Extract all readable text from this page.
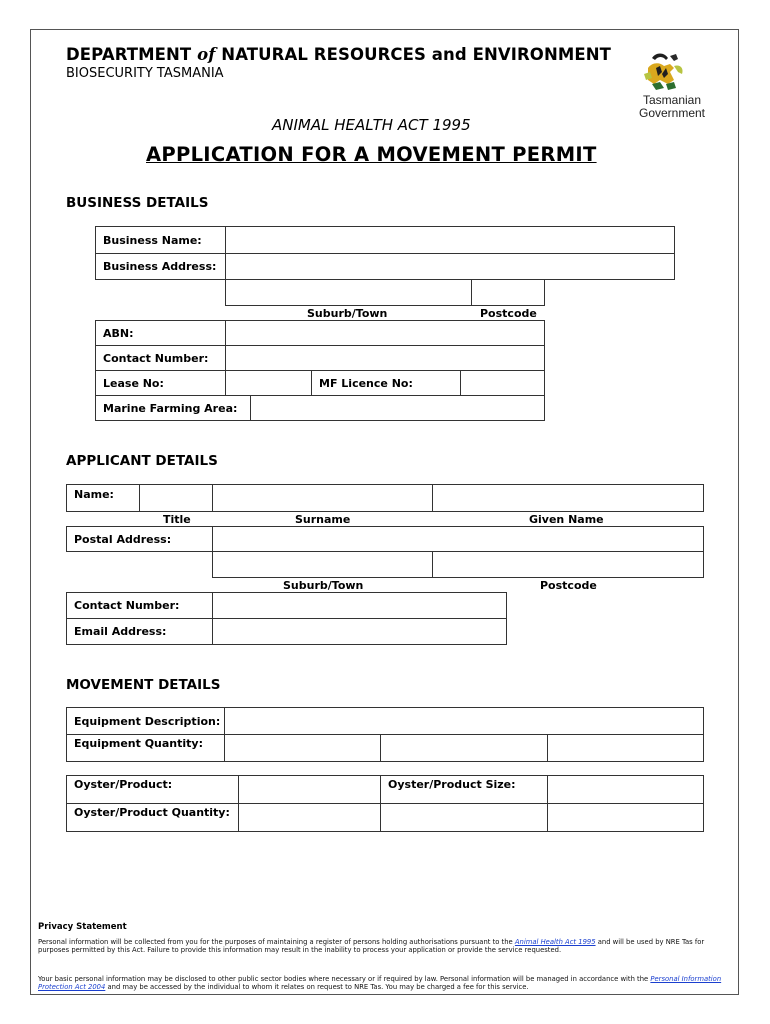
DEPARTMENT of NATURAL RESOURCES and ENVIRONMENT
BIOSECURITY TASMANIA
Tasmanian
Government
ANIMAL HEALTH ACT 1995
APPLICATION FOR A MOVEMENT PERMIT
BUSINESS DETAILS
Business Name:
Business Address:
Suburb/Town	Postcode
ABN:
Contact Number:
Lease No:	MF Licence No:
Marine Farming Area:
APPLICANT DETAILS
Name:
Title	Surname	Given Name
Postal Address:
Suburb/Town	Postcode
Contact Number:
Email Address:
MOVEMENT DETAILS
Equipment Description:
Equipment Quantity:
Oyster/Product:	Oyster/Product Size:
Oyster/Product Quantity:
Privacy Statement
Personal information will be collected from you for the purposes of maintaining a register of persons holding authorisations pursuant to the Animal Health Act 1995 and will be used by NRE Tas for purposes permitted by this Act. Failure to provide this information may result in the inability to process your application or provide the service requested.
Your basic personal information may be disclosed to other public sector bodies where necessary or if required by law. Personal information will be managed in accordance with the Personal Information Protection Act 2004 and may be accessed by the individual to whom it relates on request to NRE Tas. You may be charged a fee for this service.
